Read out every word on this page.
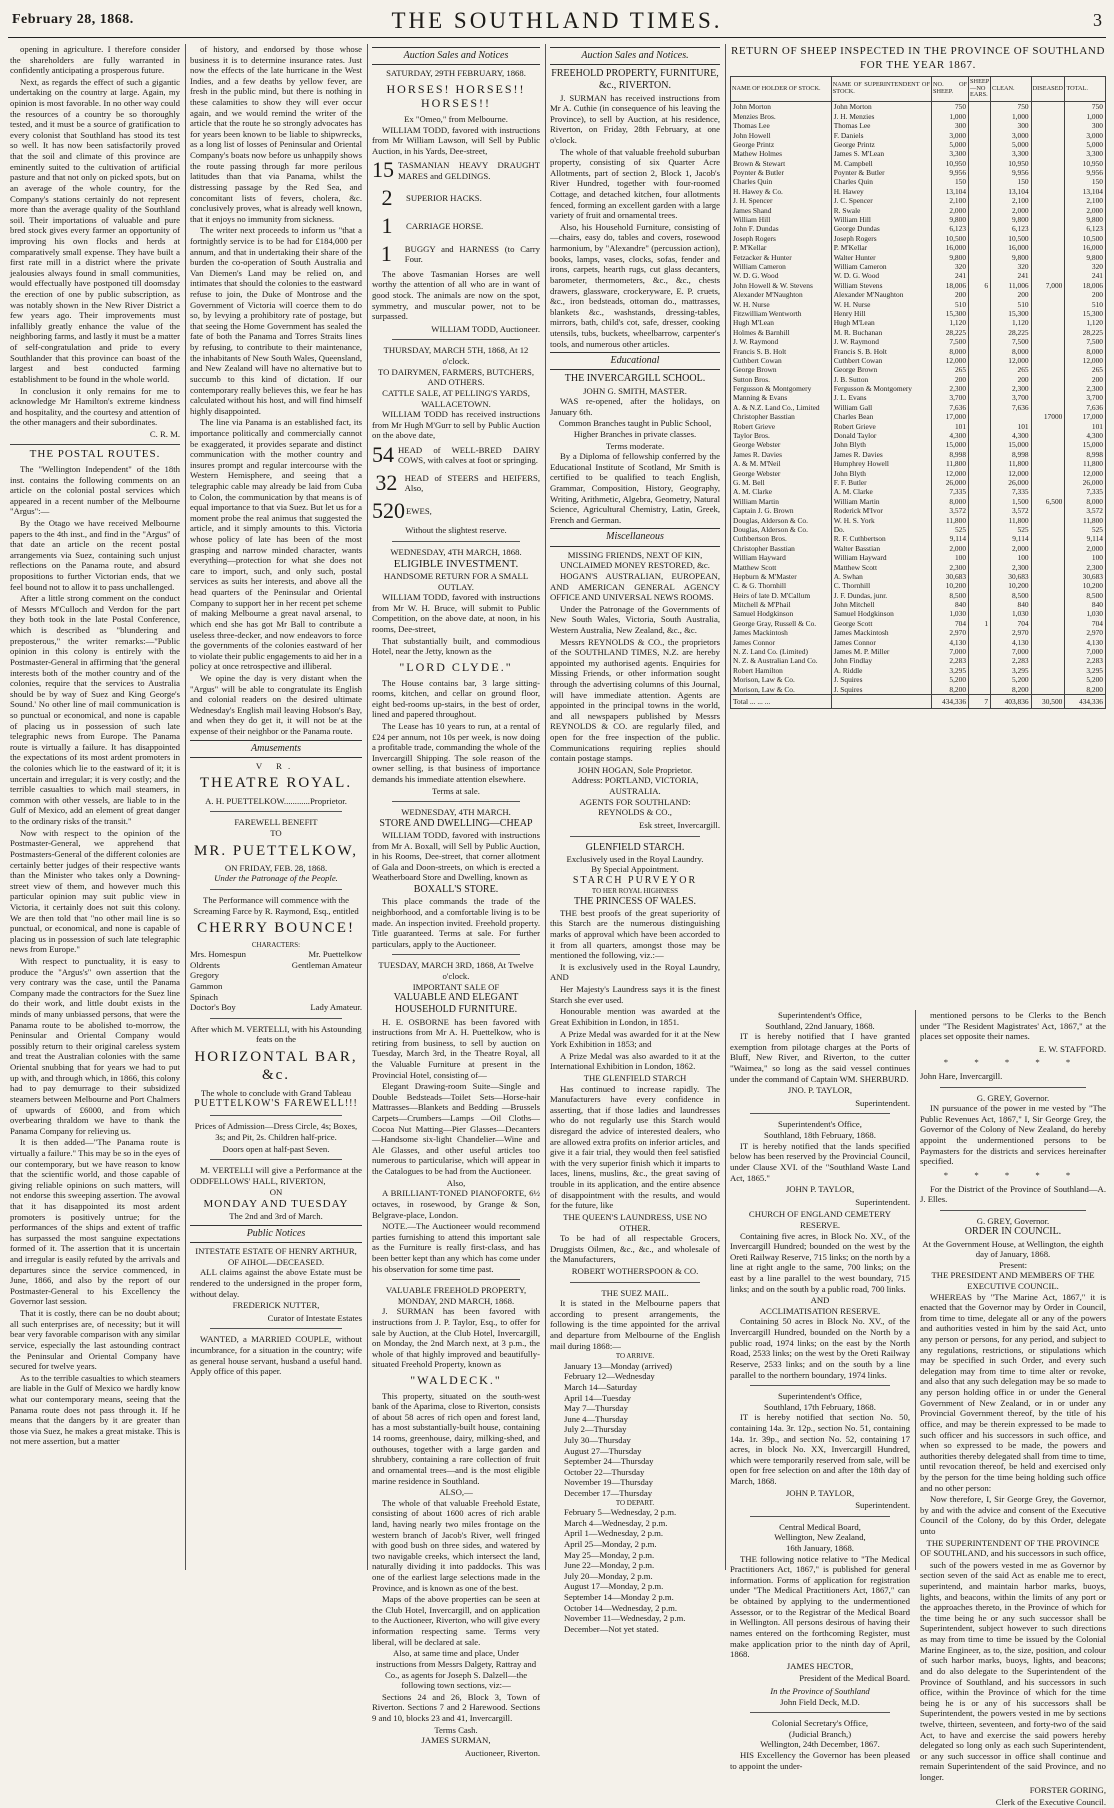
February 28, 1868.	THE SOUTHLAND TIMES.	3

opening in agriculture. I therefore consider the shareholders are fully warranted in confidently anticipating a prosperous future.

Next, as regards the effect of such a gigantic undertaking on the country at large. Again, my opinion is most favorable. In no other way could the resources of a country be so thoroughly tested, and it must be a source of gratification to every colonist that Southland has stood its test so well. It has now been satisfactorily proved that the soil and climate of this province are eminently suited to the cultivation of artificial pasture and that not only on picked spots, but on an average of the whole country, for the Company's stations certainly do not represent more than the average quality of the Southland soil. Their importations of valuable and pure bred stock gives every farmer an opportunity of improving his own flocks and herds at comparatively small expense. They have built a first rate mill in a district where the private jealousies always found in small communities, would effectually have postponed till doomsday the erection of one by public subscription, as was notably shown in the New River District a few years ago. Their improvements must infallibly greatly enhance the value of the neighboring farms, and lastly it must be a matter of self-congratulation and pride to every Southlander that this province can boast of the largest and best conducted farming establishment to be found in the whole world.

In conclusion it only remains for me to acknowledge Mr Hamilton's extreme kindness and hospitality, and the courtesy and attention of the other managers and their subordinates.

C. R. M.

THE POSTAL ROUTES.

The "Wellington Independent" of the 18th inst. contains the following comments on an article on the colonial postal services which appeared in a recent number of the Melbourne "Argus":—

By the Otago we have received Melbourne papers to the 4th inst., and find in the "Argus" of that date an article on the recent postal arrangements via Suez, containing such unjust reflections on the Panama route, and absurd propositions to further Victorian ends, that we feel bound not to allow it to pass unchallenged.

After a little strong comment on the conduct of Messrs M'Culloch and Verdon for the part they both took in the late Postal Conference, which is described as "blundering and preposterous," the writer remarks:—"Public opinion in this colony is entirely with the Postmaster-General in affirming that 'the general interests both of the mother country and of the colonies, require that the services to Australia should be by way of Suez and King George's Sound.' No other line of mail communication is so punctual or economical, and none is capable of placing us in possession of such late telegraphic news from Europe. The Panama route is virtually a failure. It has disappointed the expectations of its most ardent promoters in the colonies which lie to the eastward of it; it is uncertain and irregular; it is very costly; and the terrible casualties to which mail steamers, in common with other vessels, are liable to in the Gulf of Mexico, add an element of great danger to the ordinary risks of the transit."

Now with respect to the opinion of the Postmaster-General, we apprehend that Postmasters-General of the different colonies are certainly better judges of their respective wants than the Minister who takes only a Downing-street view of them, and however much this particular opinion may suit public view in Victoria, it certainly does not suit this colony. We are then told that "no other mail line is so punctual, or economical, and none is capable of placing us in possession of such late telegraphic news from Europe."

With respect to punctuality, it is easy to produce the "Argus's" own assertion that the very contrary was the case, until the Panama Company made the contractors for the Suez line do their work, and little doubt exists in the minds of many unbiassed persons, that were the Panama route to be abolished to-morrow, the Peninsular and Oriental Company would possibly return to their original careless system and treat the Australian colonies with the same Oriental snubbing that for years we had to put up with, and through which, in 1866, this colony had to pay demurrage to their subsidized steamers between Melbourne and Port Chalmers of upwards of £6000, and from which overbearing thraldom we have to thank the Panama Company for relieving us.

It is then added—"The Panama route is virtually a failure." This may be so in the eyes of our contemporary, but we have reason to know that the scientific world, and those capable of giving reliable opinions on such matters, will not endorse this sweeping assertion. The avowal that it has disappointed its most ardent promoters is positively untrue; for the performances of the ships and extent of traffic has surpassed the most sanguine expectations formed of it. The assertion that it is uncertain and irregular is easily refuted by the arrivals and departures since the service commenced, in June, 1866, and also by the report of our Postmaster-General to his Excellency the Governor last session.

That it is costly, there can be no doubt about; all such enterprises are, of necessity; but it will bear very favorable comparison with any similar service, especially the last astounding contract the Peninsular and Oriental Company have secured for twelve years.

As to the terrible casualties to which steamers are liable in the Gulf of Mexico we hardly know what our contemporary means, seeing that the Panama route does not pass through it. If he means that the dangers by it are greater than those via Suez, he makes a great mistake. This is not mere assertion, but a matter

of history, and endorsed by those whose business it is to determine insurance rates. Just now the effects of the late hurricane in the West Indies, and a few deaths by yellow fever, are fresh in the public mind, but there is nothing in these calamities to show they will ever occur again, and we would remind the writer of the article that the route he so strongly advocates has for years been known to be liable to shipwrecks, as a long list of losses of Peninsular and Oriental Company's boats now before us unhappily shows the route passing through far more perilous latitudes than that via Panama, whilst the distressing passage by the Red Sea, and concomitant lists of fevers, cholera, &c. conclusively proves, what is already well known, that it enjoys no immunity from sickness.

The writer next proceeds to inform us "that a fortnightly service is to be had for £184,000 per annum, and that in undertaking their share of the burden the co-operation of South Australia and Van Diemen's Land may be relied on, and intimates that should the colonies to the eastward refuse to join, the Duke of Montrose and the Government of Victoria will coerce them to do so, by levying a prohibitory rate of postage, but that seeing the Home Government has sealed the fate of both the Panama and Torres Straits lines by refusing, to contribute to their maintenance, the inhabitants of New South Wales, Queensland, and New Zealand will have no alternative but to succumb to this kind of dictation. If our contemporary really believes this, we fear he has calculated without his host, and will find himself highly disappointed.

The line via Panama is an established fact, its importance politically and commercially cannot be exaggerated, it provides separate and distinct communication with the mother country and insures prompt and regular intercourse with the Western Hemisphere, and seeing that a telegraphic cable may already be laid from Cuba to Colon, the communication by that means is of equal importance to that via Suez. But let us for a moment probe the real animus that suggested the article, and it simply amounts to this. Victoria whose policy of late has been of the most grasping and narrow minded character, wants everything—protection for what she does not care to import, such, and only such, postal services as suits her interests, and above all the head quarters of the Peninsular and Oriental Company to support her in her recent pet scheme of making Melbourne a great naval arsenal, to which end she has got Mr Ball to contribute a useless three-decker, and now endeavors to force the governments of the colonies eastward of her to violate their public engagements to aid her in a policy at once retrospective and illiberal.

We opine the day is very distant when the "Argus" will be able to congratulate its English and colonial readers on the desired ultimate Wednesday's English mail leaving Hobson's Bay, and when they do get it, it will not be at the expense of their neighbor or the Panama route.

Amusements
V R.
THEATRE ROYAL.
A. H. PUETTELKOW............Proprietor.
FAREWELL BENEFIT
TO
MR. PUETTELKOW,
ON FRIDAY, FEB. 28, 1868.
Under the Patronage of the People.

The Performance will commence with the Screaming Farce by R. Raymond, Esq., entitled

CHERRY BOUNCE!
CHARACTERS:
Mrs. Homespun	Mr. Puettelkow
Oldrents	Gentleman Amateur
Gregory
Gammon
Spinach
Doctor's Boy	Lady Amateur.

After which M. VERTELLI, with his Astounding feats on the

HORIZONTAL BAR, &c.
The whole to conclude with Grand Tableau
PUETTELKOW'S FAREWELL!!!

Prices of Admission—Dress Circle, 4s; Boxes, 3s; and Pit, 2s. Children half-price.

Doors open at half-past Seven.

M. VERTELLI will give a Performance at the ODDFELLOWS' HALL, RIVERTON,

ON
MONDAY AND TUESDAY
The 2nd and 3rd of March.
Public Notices
INTESTATE ESTATE OF HENRY ARTHUR, OF AIHOL—DECEASED.

ALL claims against the above Estate must be rendered to the undersigned in the proper form, without delay.

FREDERICK NUTTER,
Curator of Intestate Estates

WANTED, a MARRIED COUPLE, without incumbrance, for a situation in the country; wife as general house servant, husband a useful hand. Apply office of this paper.

Auction Sales and Notices
SATURDAY, 29TH FEBRUARY, 1868.
HORSES! HORSES!! HORSES!!
Ex "Omeo," from Melbourne.

WILLIAM TODD, favored with instructions from Mr William Lawson, will Sell by Public Auction, in his Yards, Dee-street,

15 TASMANIAN HEAVY DRAUGHT MARES and GELDINGS.
2	SUPERIOR HACKS.
1	CARRIAGE HORSE.
1	BUGGY and HARNESS (to Carry Four.

The above Tasmanian Horses are well worthy the attention of all who are in want of good stock. The animals are now on the spot, symmetry, and muscular power, not to be surpassed.

WILLIAM TODD, Auctioneer.
THURSDAY, MARCH 5TH, 1868, At 12 o'clock.
TO DAIRYMEN, FARMERS, BUTCHERS, AND OTHERS.
CATTLE SALE, AT PELLING'S YARDS, WALLACETOWN.

WILLIAM TODD has received instructions from Mr Hugh M'Gurr to sell by Public Auction on the above date,

54 HEAD of WELL-BRED DAIRY COWS, with calves at foot or springing.
32 HEAD of STEERS and HEIFERS, Also,
520 EWES,
Without the slightest reserve.
WEDNESDAY, 4TH MARCH, 1868.
ELIGIBLE INVESTMENT.
HANDSOME RETURN FOR A SMALL OUTLAY.

WILLIAM TODD, favored with instructions from Mr W. H. Bruce, will submit to Public Competition, on the above date, at noon, in his rooms, Dee-street,

That substantially built, and commodious Hotel, near the Jetty, known as the

"LORD CLYDE."

The House contains bar, 3 large sitting-rooms, kitchen, and cellar on ground floor, eight bed-rooms up-stairs, in the best of order, lined and papered throughout.

The Lease has 10 years to run, at a rental of £24 per annum, not 10s per week, is now doing a profitable trade, commanding the whole of the Invercargill Shipping. The sole reason of the owner selling, is that business of importance demands his immediate attention elsewhere.

Terms at sale.
WEDNESDAY, 4TH MARCH.
STORE AND DWELLING—CHEAP

WILLIAM TODD, favored with instructions from Mr A. Boxall, will Sell by Public Auction, in his Rooms, Dee-street, that corner allotment of Gala and Doon-streets, on which is erected a Weatherboard Store and Dwelling, known as

BOXALL'S STORE.

This place commands the trade of the neighborhood, and a comfortable living is to be made. An inspection invited. Freehold property. Title guaranteed. Terms at sale. For further particulars, apply to the Auctioneer.

TUESDAY, MARCH 3RD, 1868, At Twelve o'clock.
IMPORTANT SALE OF
VALUABLE AND ELEGANT HOUSEHOLD FURNITURE.

H. E. OSBORNE has been favored with instructions from Mr A. H. Puettelkow, who is retiring from business, to sell by auction on Tuesday, March 3rd, in the Theatre Royal, all the Valuable Furniture at present in the Provincial Hotel, consisting of—

Elegant Drawing-room Suite—Single and Double Bedsteads—Toilet Sets—Horse-hair Mattrasses—Blankets and Bedding —Brussels Carpets—Crumbers—Lamps —Oil Cloths—Cocoa Nut Matting—Pier Glasses—Decanters—Handsome six-light Chandelier—Wine and Ale Glasses, and other useful articles too numerous to particularise, which will appear in the Catalogues to be had from the Auctioneer.

Also,

A BRILLIANT-TONED PIANOFORTE, 6½ octaves, in rosewood, by Grange & Son, Belgrave-place, London.

NOTE.—The Auctioneer would recommend parties furnishing to attend this important sale as the Furniture is really first-class, and has been better kept than any which has come under his observation for some time past.

VALUABLE FREEHOLD PROPERTY,
MONDAY, 2ND MARCH, 1868.

J. SURMAN has been favored with instructions from J. P. Taylor, Esq., to offer for sale by Auction, at the Club Hotel, Invercargill, on Monday, the 2nd March next, at 3 p.m., the whole of that highly improved and beautifully-situated Freehold Property, known as

"WALDECK."

This property, situated on the south-west bank of the Aparima, close to Riverton, consists of about 58 acres of rich open and forest land, has a most substantially-built house, containing 14 rooms, greenhouse, dairy, milking-shed, and outhouses, together with a large garden and shrubbery, containing a rare collection of fruit and ornamental trees—and is the most eligible marine residence in Southland.

ALSO,—

The whole of that valuable Freehold Estate, consisting of about 1600 acres of rich arable land, having nearly two miles frontage on the western branch of Jacob's River, well fringed with good bush on three sides, and watered by two navigable creeks, which intersect the land, naturally dividing it into paddocks. This was one of the earliest large selections made in the Province, and is known as one of the best.

Maps of the above properties can be seen at the Club Hotel, Invercargill, and on application to the Auctioneer, Riverton, who will give every information respecting same. Terms very liberal, will be declared at sale.

Also, at same time and place, Under instructions from Messrs Dalgety, Rattray and Co., as agents for Joseph S. Dalzell—the following town sections, viz:—

Sections 24 and 26, Block 3, Town of Riverton. Sections 7 and 2 Harewood. Sections 9 and 10, blocks 23 and 41, Invercargill.

Terms Cash.
JAMES SURMAN,
Auctioneer, Riverton.
Auction Sales and Notices.
FREEHOLD PROPERTY, FURNITURE, &c., RIVERTON.

J. SURMAN has received instructions from Mr A. Cuthie (in consequence of his leaving the Province), to sell by Auction, at his residence, Riverton, on Friday, 28th February, at one o'clock.

The whole of that valuable freehold suburban property, consisting of six Quarter Acre Allotments, part of section 2, Block 1, Jacob's River Hundred, together with four-roomed Cottage, and detached kitchen, four allotments fenced, forming an excellent garden with a large variety of fruit and ornamental trees.

Also, his Household Furniture, consisting of—chairs, easy do, tables and covers, rosewood harmonium, by "Alexandre" (percussion action), books, lamps, vases, clocks, sofas, fender and irons, carpets, hearth rugs, cut glass decanters, barometer, thermometers, &c., &c., chests drawers, glassware, crockeryware, E. P. cruets, &c., iron bedsteads, ottoman do., mattrasses, blankets &c., washstands, dressing-tables, mirrors, bath, child's cot, safe, dresser, cooking utensils, tubs, buckets, wheelbarrow, carpenter's tools, and numerous other articles.

Educational
THE INVERCARGILL SCHOOL.
JOHN G. SMITH, MASTER.

WAS re-opened, after the holidays, on January 6th.

Common Branches taught in Public School, Higher Branches in private classes.

Terms moderate.

By a Diploma of fellowship conferred by the Educational Institute of Scotland, Mr Smith is certified to be qualified to teach English, Grammar, Composition, History, Geography, Writing, Arithmetic, Algebra, Geometry, Natural Science, Agricultural Chemistry, Latin, Greek, French and German.

Miscellaneous
MISSING FRIENDS, NEXT OF KIN, UNCLAIMED MONEY RESTORED, &c.

HOGAN'S AUSTRALIAN, EUROPEAN, AND AMERICAN GENERAL AGENCY OFFICE AND UNIVERSAL NEWS ROOMS.

Under the Patronage of the Governments of New South Wales, Victoria, South Australia, Western Australia, New Zealand, &c., &c.

Messrs REYNOLDS & CO., the proprietors of the SOUTHLAND TIMES, N.Z. are hereby appointed my authorised agents. Enquiries for Missing Friends, or other information sought through the advertising columns of this Journal, will have immediate attention. Agents are appointed in the principal towns in the world, and all newspapers published by Messrs REYNOLDS & CO. are regularly filed, and open for the free inspection of the public. Communications requiring replies should contain postage stamps.

JOHN HOGAN, Sole Proprietor.
Address: PORTLAND, VICTORIA, AUSTRALIA.
AGENTS FOR SOUTHLAND:
REYNOLDS & CO.,
Esk street, Invercargill.
GLENFIELD STARCH.
Exclusively used in the Royal Laundry.
By Special Appointment.
STARCH PURVEYOR
TO HER ROYAL HIGHNESS
THE PRINCESS OF WALES.

THE best proofs of the great superiority of this Starch are the numerous distinguishing marks of approval which have been accorded to it from all quarters, amongst those may be mentioned the following, viz.:—

It is exclusively used in the Royal Laundry, AND

Her Majesty's Laundress says it is the finest Starch she ever used.

Honourable mention was awarded at the Great Exhibition in London, in 1851.

A Prize Medal was awarded for it at the New York Exhibition in 1853; and

A Prize Medal was also awarded to it at the International Exhibition in London, 1862.

THE GLENFIELD STARCH

Has continued to increase rapidly. The Manufacturers have every confidence in asserting, that if those ladies and laundresses who do not regularly use this Starch would disregard the advice of interested dealers, who are allowed extra profits on inferior articles, and give it a fair trial, they would then feel satisfied with the very superior finish which it imparts to laces, linens, muslins, &c., the great saving of trouble in its application, and the entire absence of disappointment with the results, and would for the future, like

THE QUEEN'S LAUNDRESS, USE NO OTHER.

To be had of all respectable Grocers, Druggists Oilmen, &c., &c., and wholesale of the Manufacturers,

ROBERT WOTHERSPOON & CO.
THE SUEZ MAIL.

It is stated in the Melbourne papers that according to present arrangements, the following is the time appointed for the arrival and departure from Melbourne of the English mail during 1868:—

TO ARRIVE.
January 13—Monday (arrived)
February 12—Wednesday
March 14—Saturday
April 14—Tuesday
May 7—Thursday
June 4—Thursday
July 2—Thursday
July 30—Thursday
August 27—Thursday
September 24—Thursday
October 22—Thursday
November 19—Thursday
December 17—Thursday
TO DEPART.
February 5—Wednesday, 2 p.m.
March 4—Wednesday, 2 p.m.
April 1—Wednesday, 2 p.m.
April 25—Monday, 2 p.m.
May 25—Monday, 2 p.m.
June 22—Monday, 2 p.m.
July 20—Monday, 2 p.m.
August 17—Monday, 2 p.m.
September 14—Monday 2 p.m.
October 14—Wednesday, 2 p.m.
November 11—Wednesday, 2 p.m.
December—Not yet stated.
RETURN OF SHEEP INSPECTED IN THE PROVINCE OF SOUTHLAND FOR THE YEAR 1867.
NAME OF HOLDER OF STOCK.	NAME OF SUPERINTENDENT OF STOCK.	NO. OF SHEEP.	SHEEP —NO EARS.	CLEAN.	DISEASED	TOTAL.
John Morton	John Morton	750		750		750
Menzies Bros.	J. H. Menzies	1,000		1,000		1,000
Thomas Lee	Thomas Lee	300		300		300
John Howell	F. Daniels	3,000		3,000		3,000
George Printz	George Printz	5,000		5,000		5,000
Mathew Holmes	James S. M'Lean	3,300		3,300		3,300
Brown & Stewart	M. Campbell	10,950		10,950		10,950
Poynter & Butler	Poynter & Butler	9,956		9,956		9,956
Charles Quin	Charles Quin	150		150		150
H. Hawey & Co.	H. Hawey	13,104		13,104		13,104
J. H. Spencer	J. C. Spencer	2,100		2,100		2,100
James Shand	R. Swale	2,000		2,000		2,000
William Hill	William Hill	9,800		9,800		9,800
John F. Dundas	George Dundas	6,123		6,123		6,123
Joseph Rogers	Joseph Rogers	10,500		10,500		10,500
P. M'Kellar	P. M'Kellar	16,000		16,000		16,000
Fetzacker & Hunter	Walter Hunter	9,800		9,800		9,800
William Cameron	William Cameron	320		320		320
W. D. G. Wood	W. D. G. Wood	241		241		241
John Howell & W. Stevens	William Stevens	18,006	6	11,006	7,000	18,006
Alexander M'Naughton	Alexander M'Naughton	200		200		200
W. H. Nurse	W. H. Nurse	510		510		510
Fitzwilliam Wentworth	Henry Hill	15,300		15,300		15,300
Hugh M'Lean	Hugh M'Lean	1,120		1,120		1,120
Holmes & Barnhill	M. R. Buchanan	28,225		28,225		28,225
J. W. Raymond	J. W. Raymond	7,500		7,500		7,500
Francis S. B. Holt	Francis S. B. Holt	8,000		8,000		8,000
Cuthbert Cowan	Cuthbert Cowan	12,000		12,000		12,000
George Brown	George Brown	265		265		265
Sutton Bros.	J. B. Sutton	200		200		200
Fergusson & Montgomery	Fergusson & Montgomery	2,300		2,300		2,300
Manning & Evans	J. L. Evans	3,700		3,700		3,700
A. & N.Z. Land Co., Limited	William Gall	7,636		7,636		7,636
Christopher Basstian	Charles Bean	17,000			17000	17,000
Robert Grieve	Robert Grieve	101		101		101
Taylor Bros.	Donald Taylor	4,300		4,300		4,300
George Webster	John Blyth	15,000		15,000		15,000
James R. Davies	James R. Davies	8,998		8,998		8,998
A. & M. M'Neil	Humphrey Howell	11,800		11,800		11,800
George Webster	John Blyth	12,000		12,000		12,000
G. M. Bell	F. F. Butler	26,000		26,000		26,000
A. M. Clarke	A. M. Clarke	7,335		7,335		7,335
William Martin	William Martin	8,000		1,500	6,500	8,000
Captain J. G. Brown	Roderick M'Ivor	3,572		3,572		3,572
Douglas, Alderson & Co.	W. H. S. York	11,800		11,800		11,800
Douglas, Alderson & Co.	Do.	525		525		525
Cuthbertson Bros.	R. F. Cuthbertson	9,114		9,114		9,114
Christopher Basstian	Walter Basstian	2,000		2,000		2,000
William Hayward	William Hayward	100		100		100
Matthew Scott	Matthew Scott	2,300		2,300		2,300
Hepburn & M'Master	A. Swhan	30,683		30,683		30,683
C. & G. Thornhill	C. Thornhill	10,200		10,200		10,200
Heirs of late D. M'Callum	J. F. Dundas, junr.	8,500		8,500		8,500
Mitchell & M'Phail	John Mitchell	840		840		840
Samuel Hodgkinson	Samuel Hodgkinson	1,030		1,030		1,030
George Gray, Russell & Co.	George Scott	704	1	704		704
James Mackintosh	James Mackintosh	2,970		2,970		2,970
James Connor	James Connor	4,130		4,130		4,130
N. Z. Land Co. (Limited)	James M. P. Miller	7,000		7,000		7,000
N. Z. & Australian Land Co.	John Findlay	2,283		2,283		2,283
Robert Hamilton	A. Riddle	3,295		3,295		3,295
Morison, Law & Co.	J. Squires	5,200		5,200		5,200
Morison, Law & Co.	J. Squires	8,200		8,200		8,200
Total ... ... ...		434,336	7	403,836	30,500	434,336
Superintendent's Office,
Southland, 22nd January, 1868.

IT is hereby notified that I have granted exemption from pilotage charges at the Ports of Bluff, New River, and Riverton, to the cutter "Waimea," so long as the said vessel continues under the command of Captain WM. SHERBURD.

JNO. P. TAYLOR,
Superintendent.
Superintendent's Office,
Southland, 18th February, 1868.

IT is hereby notified that the lands specified below has been reserved by the Provincial Council, under Clause XVI. of the "Southland Waste Land Act, 1865."

JOHN P. TAYLOR,
Superintendent.
CHURCH OF ENGLAND CEMETERY RESERVE.

Containing five acres, in Block No. XV., of the Invercargill Hundred; bounded on the west by the Oreti Railway Reserve, 715 links; on the north by a line at right angle to the same, 700 links; on the east by a line parallel to the west boundary, 715 links; and on the south by a public road, 700 links.

AND
ACCLIMATISATION RESERVE.

Containing 50 acres in Block No. XV., of the Invercargill Hundred, bounded on the North by a public road, 1974 links; on the east by the North Road, 2533 links; on the west by the Oreti Railway Reserve, 2533 links; and on the south by a line parallel to the northern boundary, 1974 links.

Superintendent's Office,
Southland, 17th February, 1868.

IT is hereby notified that section No. 50, containing 14a. 3r. 12p., section No. 51, containing 14a. 1r. 39p., and section No. 52, containing 17 acres, in block No. XX, Invercargill Hundred, which were temporarily reserved from sale, will be open for free selection on and after the 18th day of March, 1868.

JOHN P. TAYLOR,
Superintendent.
Central Medical Board,
Wellington, New Zealand,
16th January, 1868.

THE following notice relative to "The Medical Practitioners Act, 1867," is published for general information. Forms of application for registration under "The Medical Practitioners Act, 1867," can be obtained by applying to the undermentioned Assessor, or to the Registrar of the Medical Board in Wellington. All persons desirous of having their names entered on the forthcoming Register, must make application prior to the ninth day of April, 1868.

JAMES HECTOR,
President of the Medical Board.
In the Province of Southland
John Field Deck, M.D.
Colonial Secretary's Office,
(Judicial Branch,)
Wellington, 24th December, 1867.

HIS Excellency the Governor has been pleased to appoint the under-

mentioned persons to be Clerks to the Bench under "The Resident Magistrates' Act, 1867," at the places set opposite their names.

E. W. STAFFORD.
* * * * *
John Hare, Invercargill.
G. GREY, Governor.

IN pursuance of the power in me vested by "The Public Revenues Act, 1867," I, Sir George Grey, the Governor of the Colony of New Zealand, do hereby appoint the undermentioned persons to be Paymasters for the districts and services hereinafter specified.

* * * * *

For the District of the Province of Southland—A. J. Elles.

G. GREY, Governor.
ORDER IN COUNCIL.
At the Government House, at Wellington, the eighth day of January, 1868.
Present:
THE PRESIDENT AND MEMBERS OF THE EXECUTIVE COUNCIL.

WHEREAS by "The Marine Act, 1867," it is enacted that the Governor may by Order in Council, from time to time, delegate all or any of the powers and authorities vested in him by the said Act, unto any person or persons, for any period, and subject to any regulations, restrictions, or stipulations which may be specified in such Order, and every such delegation may from time to time alter or revoke, and also that any such delegation may be so made to any person holding office in or under the General Government of New Zealand, or in or under any Provincial Government thereof, by the title of his office, and may be therein expressed to be made to such officer and his successors in such office, and when so expressed to be made, the powers and authorities thereby delegated shall from time to time, until revocation thereof, be held and exercised only by the person for the time being holding such office and no other person:

Now therefore, I, Sir George Grey, the Governor, by and with the advice and consent of the Executive Council of the Colony, do by this Order, delegate unto

THE SUPERINTENDENT OF THE PROVINCE OF SOUTHLAND, and his successors in such office,

such of the powers vested in me as Governor by section seven of the said Act as enable me to erect, superintend, and maintain harbor marks, buoys, lights, and beacons, within the limits of any port or the approaches thereto, in the Province of which for the time being he or any such successor shall be Superintendent, subject however to such directions as may from time to time be issued by the Colonial Marine Engineer, as to, the size, position, and colour of such harbor marks, buoys, lights, and beacons; and do also delegate to the Superintendent of the Province of Southland, and his successors in such office, within the Province of which for the time being he is or any of his successors shall be Superintendent, the powers vested in me by sections twelve, thirteen, seventeen, and forty-two of the said Act, to have and exercise the said powers hereby delegated so long only as each such Superintendent, or any such successor in office shall continue and remain Superintendent of the said Province, and no longer.

FORSTER GORING,
Clerk of the Executive Council.
